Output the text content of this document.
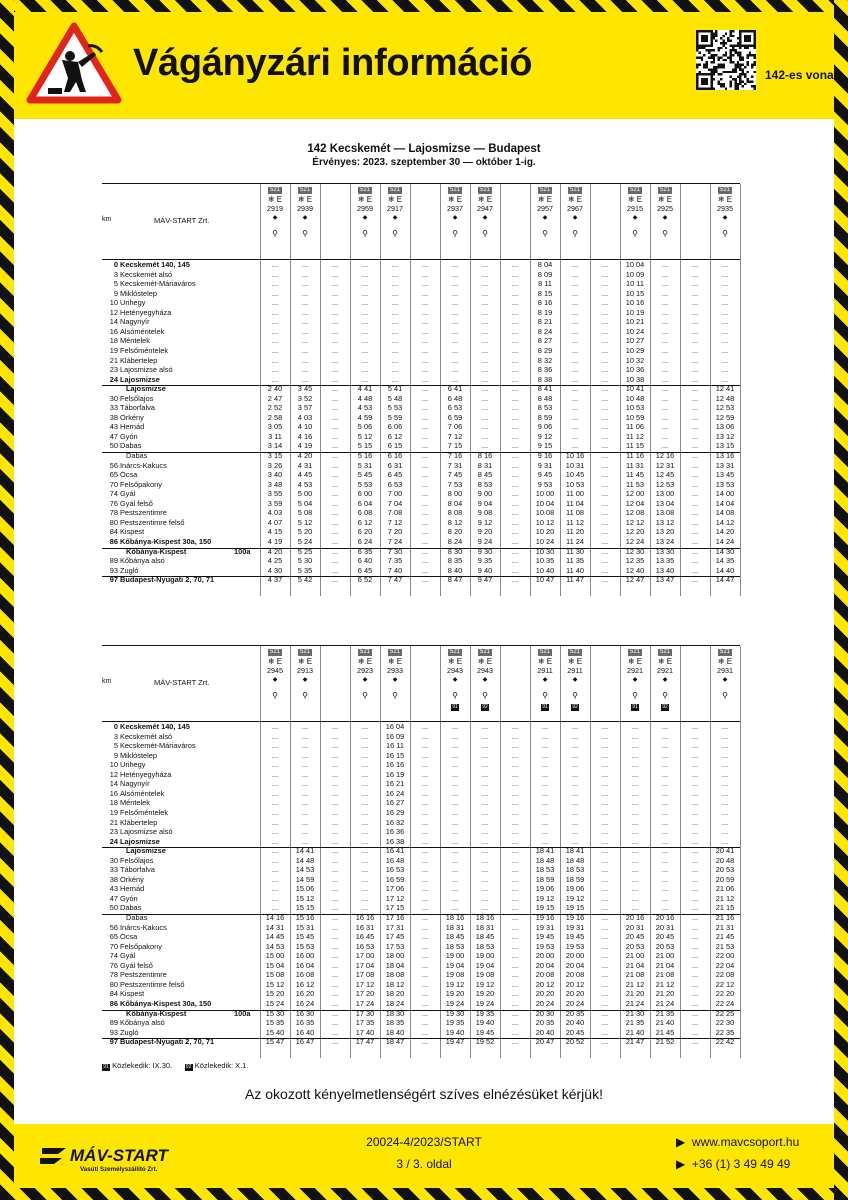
Vágányzári információ	142-es vonal
142 Kecskemét — Lajosmizse — Budapest
Érvényes: 2023. szeptember 30 — október 1-ig.
km	MÁV-START Zrt.
521
❄ E
2919
◆
⚲
521
❄ E
2939
◆
⚲
521
❄ E
2959
◆
⚲
521
❄ E
2917
◆
⚲
521
❄ E
2937
◆
⚲
521
❄ E
2947
◆
⚲
521
❄ E
2957
◆
⚲
521
❄ E
2967
◆
⚲
521
❄ E
2915
◆
⚲
521
❄ E
2925
◆
⚲
521
❄ E
2935
◆
⚲
0 Kecskemét 140, 145	...	...	...	...	...	...	...	...	...	8 04	...	...	10 04	...	...	...
3 Kecskemét alsó	...	...	...	...	...	...	...	...	...	8 09	...	...	10 09	...	...	...
5 Kecskemét-Máriaváros	...	...	...	...	...	...	...	...	...	8 11	...	...	10 11	...	...	...
9 Miklóstelep	...	...	...	...	...	...	...	...	...	8 15	...	...	10 15	...	...	...
10 Úrihegy	...	...	...	...	...	...	...	...	...	8 16	...	...	10 16	...	...	...
12 Hetényegyháza	...	...	...	...	...	...	...	...	...	8 19	...	...	10 19	...	...	...
14 Nagynyír	...	...	...	...	...	...	...	...	...	8 21	...	...	10 21	...	...	...
16 Alsóméntelek	...	...	...	...	...	...	...	...	...	8 24	...	...	10 24	...	...	...
18 Méntelek	...	...	...	...	...	...	...	...	...	8 27	...	...	10 27	...	...	...
19 Felsőméntelek	...	...	...	...	...	...	...	...	...	8 29	...	...	10 29	...	...	...
21 Klábertelep	...	...	...	...	...	...	...	...	...	8 32	...	...	10 32	...	...	...
23 Lajosmizse alsó	...	...	...	...	...	...	...	...	...	8 36	...	...	10 36	...	...	...
24 Lajosmizse	...	...	...	...	...	...	...	...	...	8 38	...	...	10 38	...	...	...
Lajosmizse	2 40	3 45	...	4 41	5 41	...	6 41	...	...	8 41	...	...	10 41	...	...	12 41
30 Felsőlajos	2 47	3 52	...	4 48	5 48	...	6 48	...	...	8 48	...	...	10 48	...	...	12 48
33 Táborfalva	2 52	3 57	...	4 53	5 53	...	6 53	...	...	8 53	...	...	10 53	...	...	12 53
38 Örkény	2 58	4 03	...	4 59	5 59	...	6 59	...	...	8 59	...	...	10 59	...	...	12 59
43 Hernád	3 05	4 10	...	5 06	6 06	...	7 06	...	...	9 06	...	...	11 06	...	...	13 06
47 Gyón	3 11	4 16	...	5 12	6 12	...	7 12	...	...	9 12	...	...	11 12	...	...	13 12
50 Dabas	3 14	4 19	...	5 15	6 15	...	7 15	...	...	9 15	...	...	11 15	...	...	13 15
Dabas	3 15	4 20	...	5 16	6 16	...	7 16	8 16	...	9 16	10 16	...	11 16	12 16	...	13 16
56 Inárcs-Kakucs	3 26	4 31	...	5 31	6 31	...	7 31	8 31	...	9 31	10 31	...	11 31	12 31	...	13 31
65 Ócsa	3 40	4 45	...	5 45	6 45	...	7 45	8 45	...	9 45	10 45	...	11 45	12 45	...	13 45
70 Felsőpakony	3 48	4 53	...	5 53	6 53	...	7 53	8 53	...	9 53	10 53	...	11 53	12 53	...	13 53
74 Gyál	3 55	5 00	...	6 00	7 00	...	8 00	9 00	...	10 00	11 00	...	12 00	13 00	...	14 00
76 Gyál felső	3 59	5 04	...	6 04	7 04	...	8 04	9 04	...	10 04	11 04	...	12 04	13 04	...	14 04
78 Pestszentimre	4 03	5 08	...	6 08	7 08	...	8 08	9 08	...	10 08	11 08	...	12 08	13 08	...	14 08
80 Pestszentimre felső	4 07	5 12	...	6 12	7 12	...	8 12	9 12	...	10 12	11 12	...	12 12	13 12	...	14 12
84 Kispest	4 15	5 20	...	6 20	7 20	...	8 20	9 20	...	10 20	11 20	...	12 20	13 20	...	14 20
86 Kőbánya-Kispest 30a, 150	4 19	5 24	...	6 24	7 24	...	8 24	9 24	...	10 24	11 24	...	12 24	13 24	...	14 24
Kőbánya-Kispest	100a	4 20	5 25	...	6 35	7 30	...	8 30	9 30	...	10 30	11 30	...	12 30	13 30	...	14 30
89 Kőbánya alsó	4 25	5 30	...	6 40	7 35	...	8 35	9 35	...	10 35	11 35	...	12 35	13 35	...	14 35
93 Zugló	4 30	5 35	...	6 45	7 40	...	8 40	9 40	...	10 40	11 40	...	12 40	13 40	...	14 40
97 Budapest-Nyugati 2, 70, 71	4 37	5 42	...	6 52	7 47	...	8 47	9 47	...	10 47	11 47	...	12 47	13 47	...	14 47
km	MÁV-START Zrt.
521
❄ E
2945
◆
⚲
521
❄ E
2913
◆
⚲
521
❄ E
2923
◆
⚲
521
❄ E
2933
◆
⚲
521
❄ E
2943
◆
⚲
91
521
❄ E
2943
◆
⚲
92
521
❄ E
2911
◆
⚲
91
521
❄ E
2911
◆
⚲
92
521
❄ E
2921
◆
⚲
91
521
❄ E
2921
◆
⚲
92
521
❄ E
2931
◆
⚲
0 Kecskemét 140, 145	...	...	...	...	16 04	...	...	...	...	...	...	...	...	...	...	...
3 Kecskemét alsó	...	...	...	...	16 09	...	...	...	...	...	...	...	...	...	...	...
5 Kecskemét-Máriaváros	...	...	...	...	16 11	...	...	...	...	...	...	...	...	...	...	...
9 Miklóstelep	...	...	...	...	16 15	...	...	...	...	...	...	...	...	...	...	...
10 Úrihegy	...	...	...	...	16 16	...	...	...	...	...	...	...	...	...	...	...
12 Hetényegyháza	...	...	...	...	16 19	...	...	...	...	...	...	...	...	...	...	...
14 Nagynyír	...	...	...	...	16 21	...	...	...	...	...	...	...	...	...	...	...
16 Alsóméntelek	...	...	...	...	16 24	...	...	...	...	...	...	...	...	...	...	...
18 Méntelek	...	...	...	...	16 27	...	...	...	...	...	...	...	...	...	...	...
19 Felsőméntelek	...	...	...	...	16 29	...	...	...	...	...	...	...	...	...	...	...
21 Klábertelep	...	...	...	...	16 32	...	...	...	...	...	...	...	...	...	...	...
23 Lajosmizse alsó	...	...	...	...	16 36	...	...	...	...	...	...	...	...	...	...	...
24 Lajosmizse	...	...	...	...	16 38	...	...	...	...	...	...	...	...	...	...	...
Lajosmizse	...	14 41	...	...	16 41	...	...	...	...	18 41	18 41	...	...	...	...	20 41
30 Felsőlajos	...	14 48	...	...	16 48	...	...	...	...	18 48	18 48	...	...	...	...	20 48
33 Táborfalva	...	14 53	...	...	16 53	...	...	...	...	18 53	18 53	...	...	...	...	20 53
38 Örkény	...	14 59	...	...	16 59	...	...	...	...	18 59	18 59	...	...	...	...	20 59
43 Hernád	...	15 06	...	...	17 06	...	...	...	...	19 06	19 06	...	...	...	...	21 06
47 Gyón	...	15 12	...	...	17 12	...	...	...	...	19 12	19 12	...	...	...	...	21 12
50 Dabas	...	15 15	...	...	17 15	...	...	...	...	19 15	19 15	...	...	...	...	21 15
Dabas	14 16	15 16	...	16 16	17 16	...	18 16	18 16	...	19 16	19 16	...	20 16	20 16	...	21 16
56 Inárcs-Kakucs	14 31	15 31	...	16 31	17 31	...	18 31	18 31	...	19 31	19 31	...	20 31	20 31	...	21 31
65 Ócsa	14 45	15 45	...	16 45	17 45	...	18 45	18 45	...	19 45	19 45	...	20 45	20 45	...	21 45
70 Felsőpakony	14 53	15 53	...	16 53	17 53	...	18 53	18 53	...	19 53	19 53	...	20 53	20 53	...	21 53
74 Gyál	15 00	16 00	...	17 00	18 00	...	19 00	19 00	...	20 00	20 00	...	21 00	21 00	...	22 00
76 Gyál felső	15 04	16 04	...	17 04	18 04	...	19 04	19 04	...	20 04	20 04	...	21 04	21 04	...	22 04
78 Pestszentimre	15 08	16 08	...	17 08	18 08	...	19 08	19 08	...	20 08	20 08	...	21 08	21 08	...	22 08
80 Pestszentimre felső	15 12	16 12	...	17 12	18 12	...	19 12	19 12	...	20 12	20 12	...	21 12	21 12	...	22 12
84 Kispest	15 20	16 20	...	17 20	18 20	...	19 20	19 20	...	20 20	20 20	...	21 20	21 20	...	22 20
86 Kőbánya-Kispest 30a, 150	15 24	16 24	...	17 24	18 24	...	19 24	19 24	...	20 24	20 24	...	21 24	21 24	...	22 24
Kőbánya-Kispest	100a	15 30	16 30	...	17 30	18 30	...	19 30	19 35	...	20 30	20 35	...	21 30	21 35	...	22 25
89 Kőbánya alsó	15 35	16 35	...	17 35	18 35	...	19 35	19 40	...	20 35	20 40	...	21 35	21 40	...	22 30
93 Zugló	15 40	16 40	...	17 40	18 40	...	19 40	19 45	...	20 40	20 45	...	21 40	21 45	...	22 35
97 Budapest-Nyugati 2, 70, 71	15 47	16 47	...	17 47	18 47	...	19 47	19 52	...	20 47	20 52	...	21 47	21 52	...	22 42
91 Közlekedik: IX.30.	92 Közlekedik: X.1.
Az okozott kényelmetlenségért szíves elnézésüket kérjük!
MÁV-START
Vasúti Személyszállító Zrt.
20024-4/2023/START
3 / 3. oldal
▶  www.mavcsoport.hu
▶  +36 (1) 3 49 49 49
